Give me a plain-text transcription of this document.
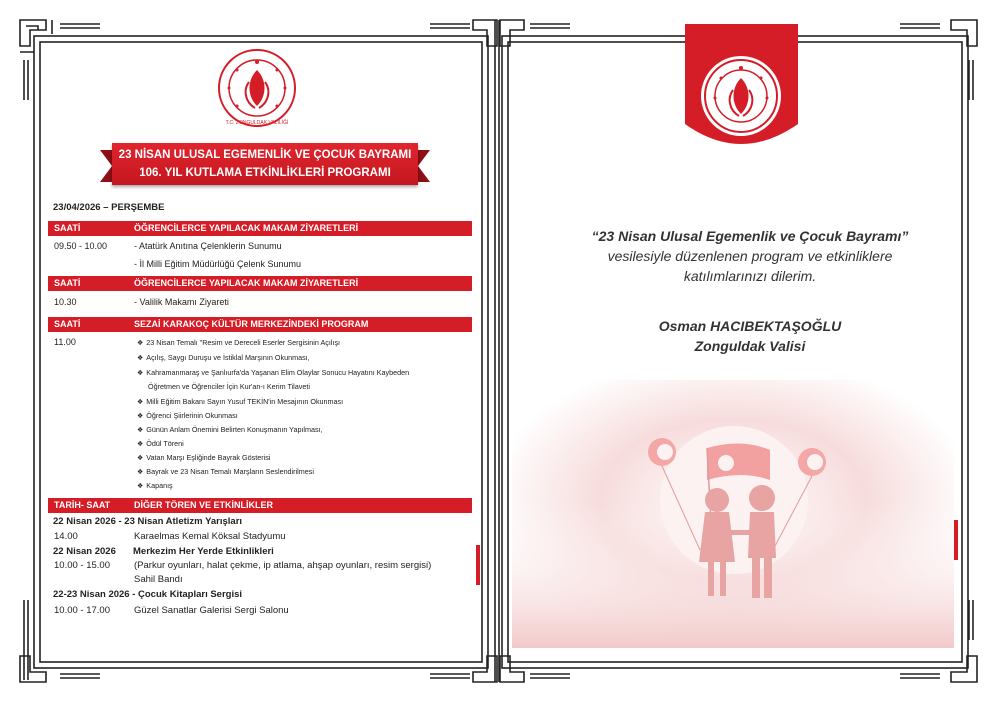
T.C. ZONGULDAK VALİLİĞİ
23 NİSAN ULUSAL EGEMENLİK VE ÇOCUK BAYRAMI
106. YIL KUTLAMA ETKİNLİKLERİ PROGRAMI
23/04/2026 – PERŞEMBE
SAATİ	ÖĞRENCİLERCE YAPILACAK MAKAM ZİYARETLERİ
09.50 - 10.00	- Atatürk Anıtına Çelenklerin Sunumu
- İl Milli Eğitim Müdürlüğü Çelenk Sunumu
SAATİ	ÖĞRENCİLERCE YAPILACAK MAKAM ZİYARETLERİ
10.30	- Valilik Makamı Ziyareti
SAATİ	SEZAİ KARAKOÇ KÜLTÜR MERKEZİNDEKİ PROGRAM
11.00	❖ 23 Nisan Temalı "Resim ve Dereceli Eserler Sergisinin Açılışı
❖ Açılış, Saygı Duruşu ve İstiklal Marşının Okunması,
❖ Kahramanmaraş ve Şanlıurfa'da Yaşanan Elim Olaylar Sonucu Hayatını Kaybeden
Öğretmen ve Öğrenciler İçin Kur'an-ı Kerim Tilaveti
❖ Milli Eğitim Bakanı Sayın Yusuf TEKİN'in Mesajının Okunması
❖ Öğrenci Şiirlerinin Okunması
❖ Günün Anlam Önemini Belirten Konuşmanın Yapılması,
❖ Ödül Töreni
❖ Vatan Marşı Eşliğinde Bayrak Gösterisi
❖ Bayrak ve 23 Nisan Temalı Marşların Seslendirilmesi
❖ Kapanış
TARİH- SAAT	DİĞER TÖREN VE ETKİNLİKLER
22 Nisan 2026 - 23 Nisan Atletizm Yarışları
14.00	Karaelmas Kemal Köksal Stadyumu
22 Nisan 2026 Merkezim Her Yerde Etkinlikleri
10.00 - 15.00	(Parkur oyunları, halat çekme, ip atlama, ahşap oyunları, resim sergisi)
Sahil Bandı
22-23 Nisan 2026 - Çocuk Kitapları Sergisi
10.00 - 17.00	Güzel Sanatlar Galerisi Sergi Salonu
“23 Nisan Ulusal Egemenlik ve Çocuk Bayramı”
vesilesiyle düzenlenen program ve etkinliklere
katılımlarınızı dilerim.
Osman HACIBEKTAŞOĞLU
Zonguldak Valisi
